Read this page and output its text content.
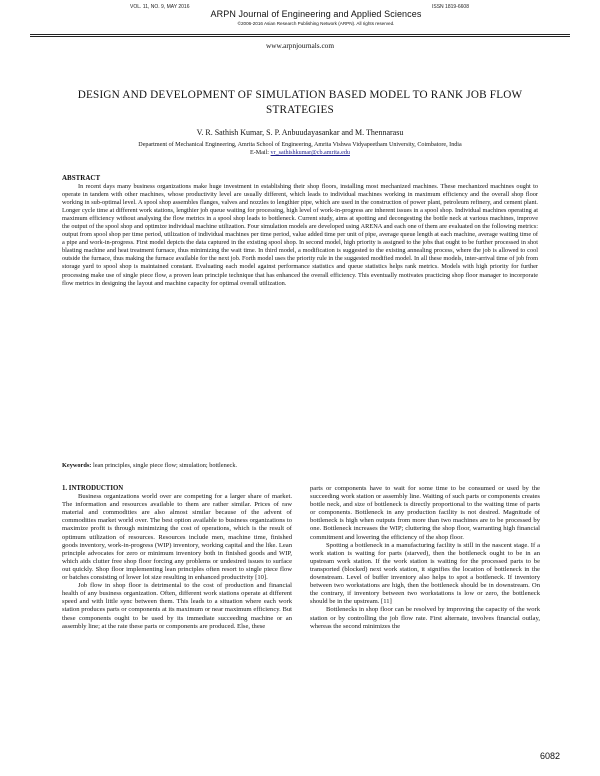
VOL. 11, NO. 9, MAY 2016	ISSN 1819-6608
ARPN Journal of Engineering and Applied Sciences
©2006-2016 Asian Research Publishing Network (ARPN). All rights reserved.
www.arpnjournals.com
DESIGN AND DEVELOPMENT OF SIMULATION BASED MODEL TO RANK JOB FLOW STRATEGIES
V. R. Sathish Kumar, S. P. Anbuudayasankar and M. Thennarasu
Department of Mechanical Engineering, Amrita School of Engineering, Amrita Vishwa Vidyapeetham University, Coimbatore, India
E-Mail: vr_sathishkumar@cb.amrita.edu
ABSTRACT
In recent days many business organizations make huge investment in establishing their shop floors, installing most mechanized machines. These mechanized machines ought to operate in tandem with other machines, whose productivity level are usually different, which leads to individual machines working in maximum efficiency and the overall shop floor working in sub-optimal level. A spool shop assembles flanges, valves and nozzles to lengthier pipe, which are used in the construction of power plant, petroleum refinery, and cement plant. Longer cycle time at different work stations, lengthier job queue waiting for processing, high level of work-in-progress are inherent issues in a spool shop. Individual machines operating at maximum efficiency without analysing the flow metrics in a spool shop leads to bottleneck. Current study, aims at spotting and decongesting the bottle neck at various machines, improve the output of the spool shop and optimize individual machine utilization. Four simulation models are developed using ARENA and each one of them are evaluated on the following metrics: output from spool shop per time period, utilization of individual machines per time period, value added time per unit of pipe, average queue length at each machine, average waiting time of a pipe and work-in-progress. First model depicts the data captured in the existing spool shop. In second model, high priority is assigned to the jobs that ought to be further processed in shot blasting machine and heat treatment furnace, thus minimizing the wait time. In third model, a modification is suggested to the existing annealing process, where the job is allowed to cool outside the furnace, thus making the furnace available for the next job. Forth model uses the priority rule in the suggested modified model. In all these models, inter-arrival time of job from storage yard to spool shop is maintained constant. Evaluating each model against performance statistics and queue statistics helps rank metrics. Models with high priority for further processing make use of single piece flow, a proven lean principle technique that has enhanced the overall efficiency. This eventually motivates practicing shop floor manager to incorporate flow metrics in designing the layout and machine capacity for optimal overall utilization.
Keywords: lean principles, single piece flow; simulation; bottleneck.
1. INTRODUCTION

Business organizations world over are competing for a larger share of market. The information and resources available to them are rather similar. Prices of raw material and commodities are also almost similar because of the advent of commodities market world over. The best option available to business organizations to maximize profit is through minimizing the cost of operations, which is the result of optimum utilization of resources. Resources include men, machine time, finished goods inventory, work-in-progress (WIP) inventory, working capital and the like. Lean principle advocates for zero or minimum inventory both in finished goods and WIP, which aids clutter free shop floor forcing any problems or undesired issues to surface out quickly. Shop floor implementing lean principles often resort to single piece flow or batches consisting of lower lot size resulting in enhanced productivity [10].

Job flow in shop floor is detrimental to the cost of production and financial health of any business organization. Often, different work stations operate at different speed and with little sync between them. This leads to a situation where each work station produces parts or components at its maximum or near maximum efficiency. But these components ought to be used by its immediate succeeding machine or an assembly line; at the rate these parts or components are produced. Else, these

parts or components have to wait for some time to be consumed or used by the succeeding work station or assembly line. Waiting of such parts or components creates bottle neck, and size of bottleneck is directly proportional to the waiting time of parts or components. Bottleneck in any production facility is not desired. Magnitude of bottleneck is high when outputs from more than two machines are to be processed by one. Bottleneck increases the WIP; cluttering the shop floor, warranting high financial commitment and lowering the efficiency of the shop floor.

Spotting a bottleneck in a manufacturing facility is still in the nascent stage. If a work station is waiting for parts (starved), then the bottleneck ought to be in an upstream work station. If the work station is waiting for the processed parts to be transported (blocked) next work station, it signifies the location of bottleneck in the downstream. Level of buffer inventory also helps to spot a bottleneck. If inventory between two workstations are high, then the bottleneck should be in downstream. On the contrary, if inventory between two workstations is low or zero, the bottleneck should be in the upstream. [11]

Bottlenecks in shop floor can be resolved by improving the capacity of the work station or by controlling the job flow rate. First alternate, involves financial outlay, whereas the second minimizes the

6082
